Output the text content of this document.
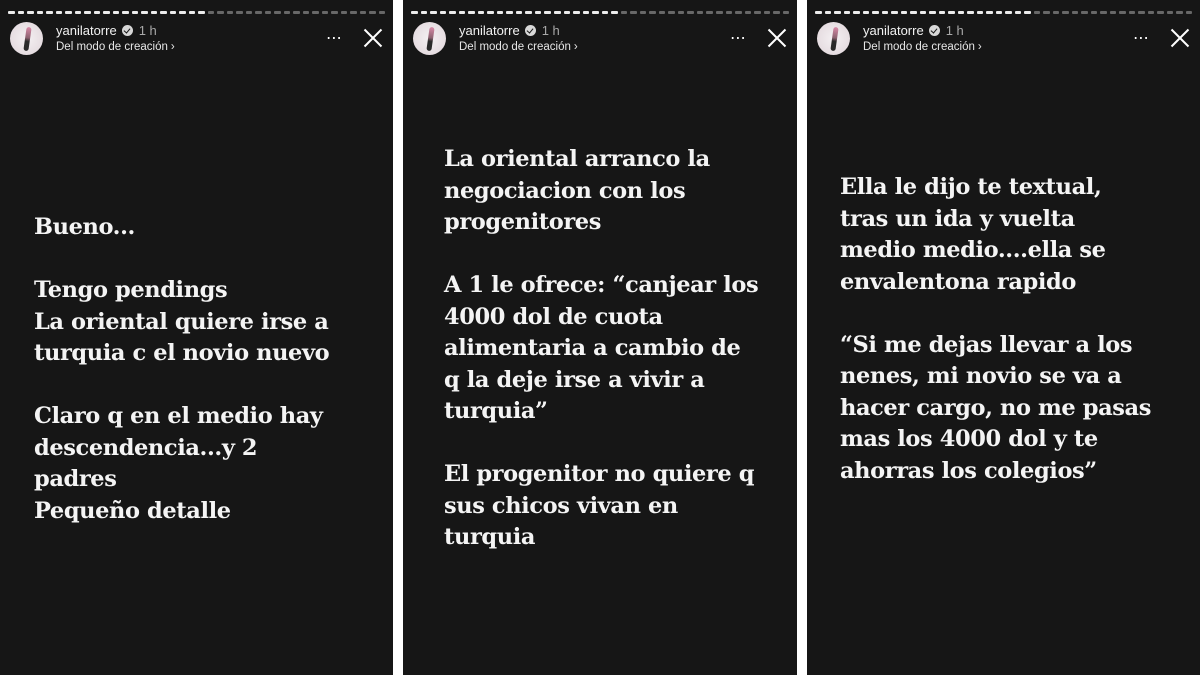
yanilatorre 1 h
Del modo de creación ›	⋯
Bueno...
Tengo pendings
La oriental quiere irse a
turquia c el novio nuevo
Claro q en el medio hay
descendencia...y 2
padres
Pequeño detalle
yanilatorre 1 h
Del modo de creación ›	⋯
La oriental arranco la
negociacion con los
progenitores
A 1 le ofrece: “canjear los
4000 dol de cuota
alimentaria a cambio de
q la deje irse a vivir a
turquia”
El progenitor no quiere q
sus chicos vivan en
turquia
yanilatorre 1 h
Del modo de creación ›	⋯
Ella le dijo te textual,
tras un ida y vuelta
medio medio....ella se
envalentona rapido
“Si me dejas llevar a los
nenes, mi novio se va a
hacer cargo, no me pasas
mas los 4000 dol y te
ahorras los colegios”
